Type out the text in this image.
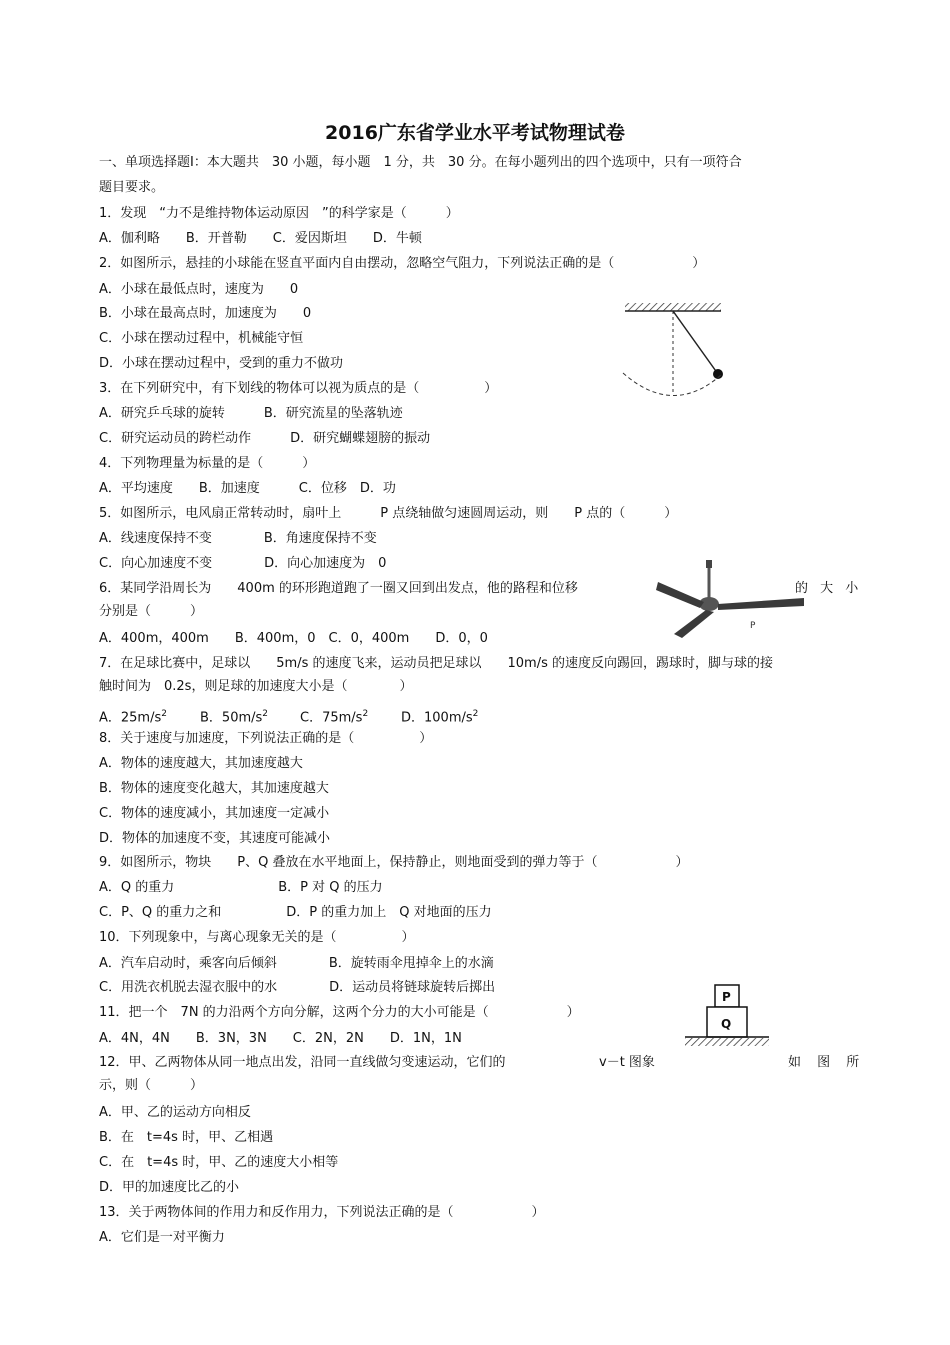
2016广东省学业水平考试物理试卷
一、单项选择题Ⅰ：本大题共　30 小题，每小题　1 分，共　30 分。在每小题列出的四个选项中，只有一项符合
题目要求。
1．发现　“力不是维持物体运动原因　”的科学家是（　　　）
A．伽利略　　B．开普勒　　C．爱因斯坦　　D．牛顿
2．如图所示，悬挂的小球能在竖直平面内自由摆动，忽略空气阻力，下列说法正确的是（　　　　　　）
A．小球在最低点时，速度为　　0
B．小球在最高点时，加速度为　　0
C．小球在摆动过程中，机械能守恒
D．小球在摆动过程中，受到的重力不做功
3．在下列研究中，有下划线的物体可以视为质点的是（　　　　　）
A．研究乒乓球的旋转　　　B．研究流星的坠落轨迹
C．研究运动员的跨栏动作　　　D．研究蝴蝶翅膀的振动
4．下列物理量为标量的是（　　　）
A．平均速度　　B．加速度　　　C．位移　D．功
5．如图所示，电风扇正常转动时，扇叶上　　　P 点绕轴做匀速圆周运动，则　　P 点的（　　　）
A．线速度保持不变　　　　B．角速度保持不变
C．向心加速度不变　　　　D．向心加速度为　0
6．某同学沿周长为　　400m 的环形跑道跑了一圈又回到出发点，他的路程和位移	的 大 小
分别是（　　　）
A．400m，400m　　B．400m，0　C．0，400m　　D．0，0
7．在足球比赛中，足球以　　5m/s 的速度飞来，运动员把足球以　　10m/s 的速度反向踢回，踢球时，脚与球的接
触时间为　0.2s，则足球的加速度大小是（　　　　）
A．$25m/s^2$	B．$50m/s^2$ C．$75m/s^2$	D．$100m/s^2$
8．关于速度与加速度，下列说法正确的是（　　　　　）
A．物体的速度越大，其加速度越大
B．物体的速度变化越大，其加速度越大
C．物体的速度减小，其加速度一定减小
D．物体的加速度不变，其速度可能减小
9．如图所示，物块　　P、Q 叠放在水平地面上，保持静止，则地面受到的弹力等于（　　　　　　）
A．Q 的重力　　　　　　　　B．P 对 Q 的压力
C．P、Q 的重力之和　　　　　D．P 的重力加上　Q 对地面的压力
10．下列现象中，与离心现象无关的是（　　　　　）
A．汽车启动时，乘客向后倾斜　　　　B．旋转雨伞甩掉伞上的水滴
C．用洗衣机脱去湿衣服中的水　　　　D．运动员将链球旋转后掷出
11．把一个　7N 的力沿两个方向分解，这两个分力的大小可能是（　　　　　　）
A．4N，4N　　B．3N，3N　　C．2N，2N　　D．1N，1N
12．甲、乙两物体从同一地点出发，沿同一直线做匀变速运动，它们的	v－t 图象	如 图 所
示，则（　　　）
A．甲、乙的运动方向相反
B．在　t=4s 时，甲、乙相遇
C．在　t=4s 时，甲、乙的速度大小相等
D．甲的加速度比乙的小
13．关于两物体间的作用力和反作用力，下列说法正确的是（　　　　　　）
A．它们是一对平衡力
P
P
Q
